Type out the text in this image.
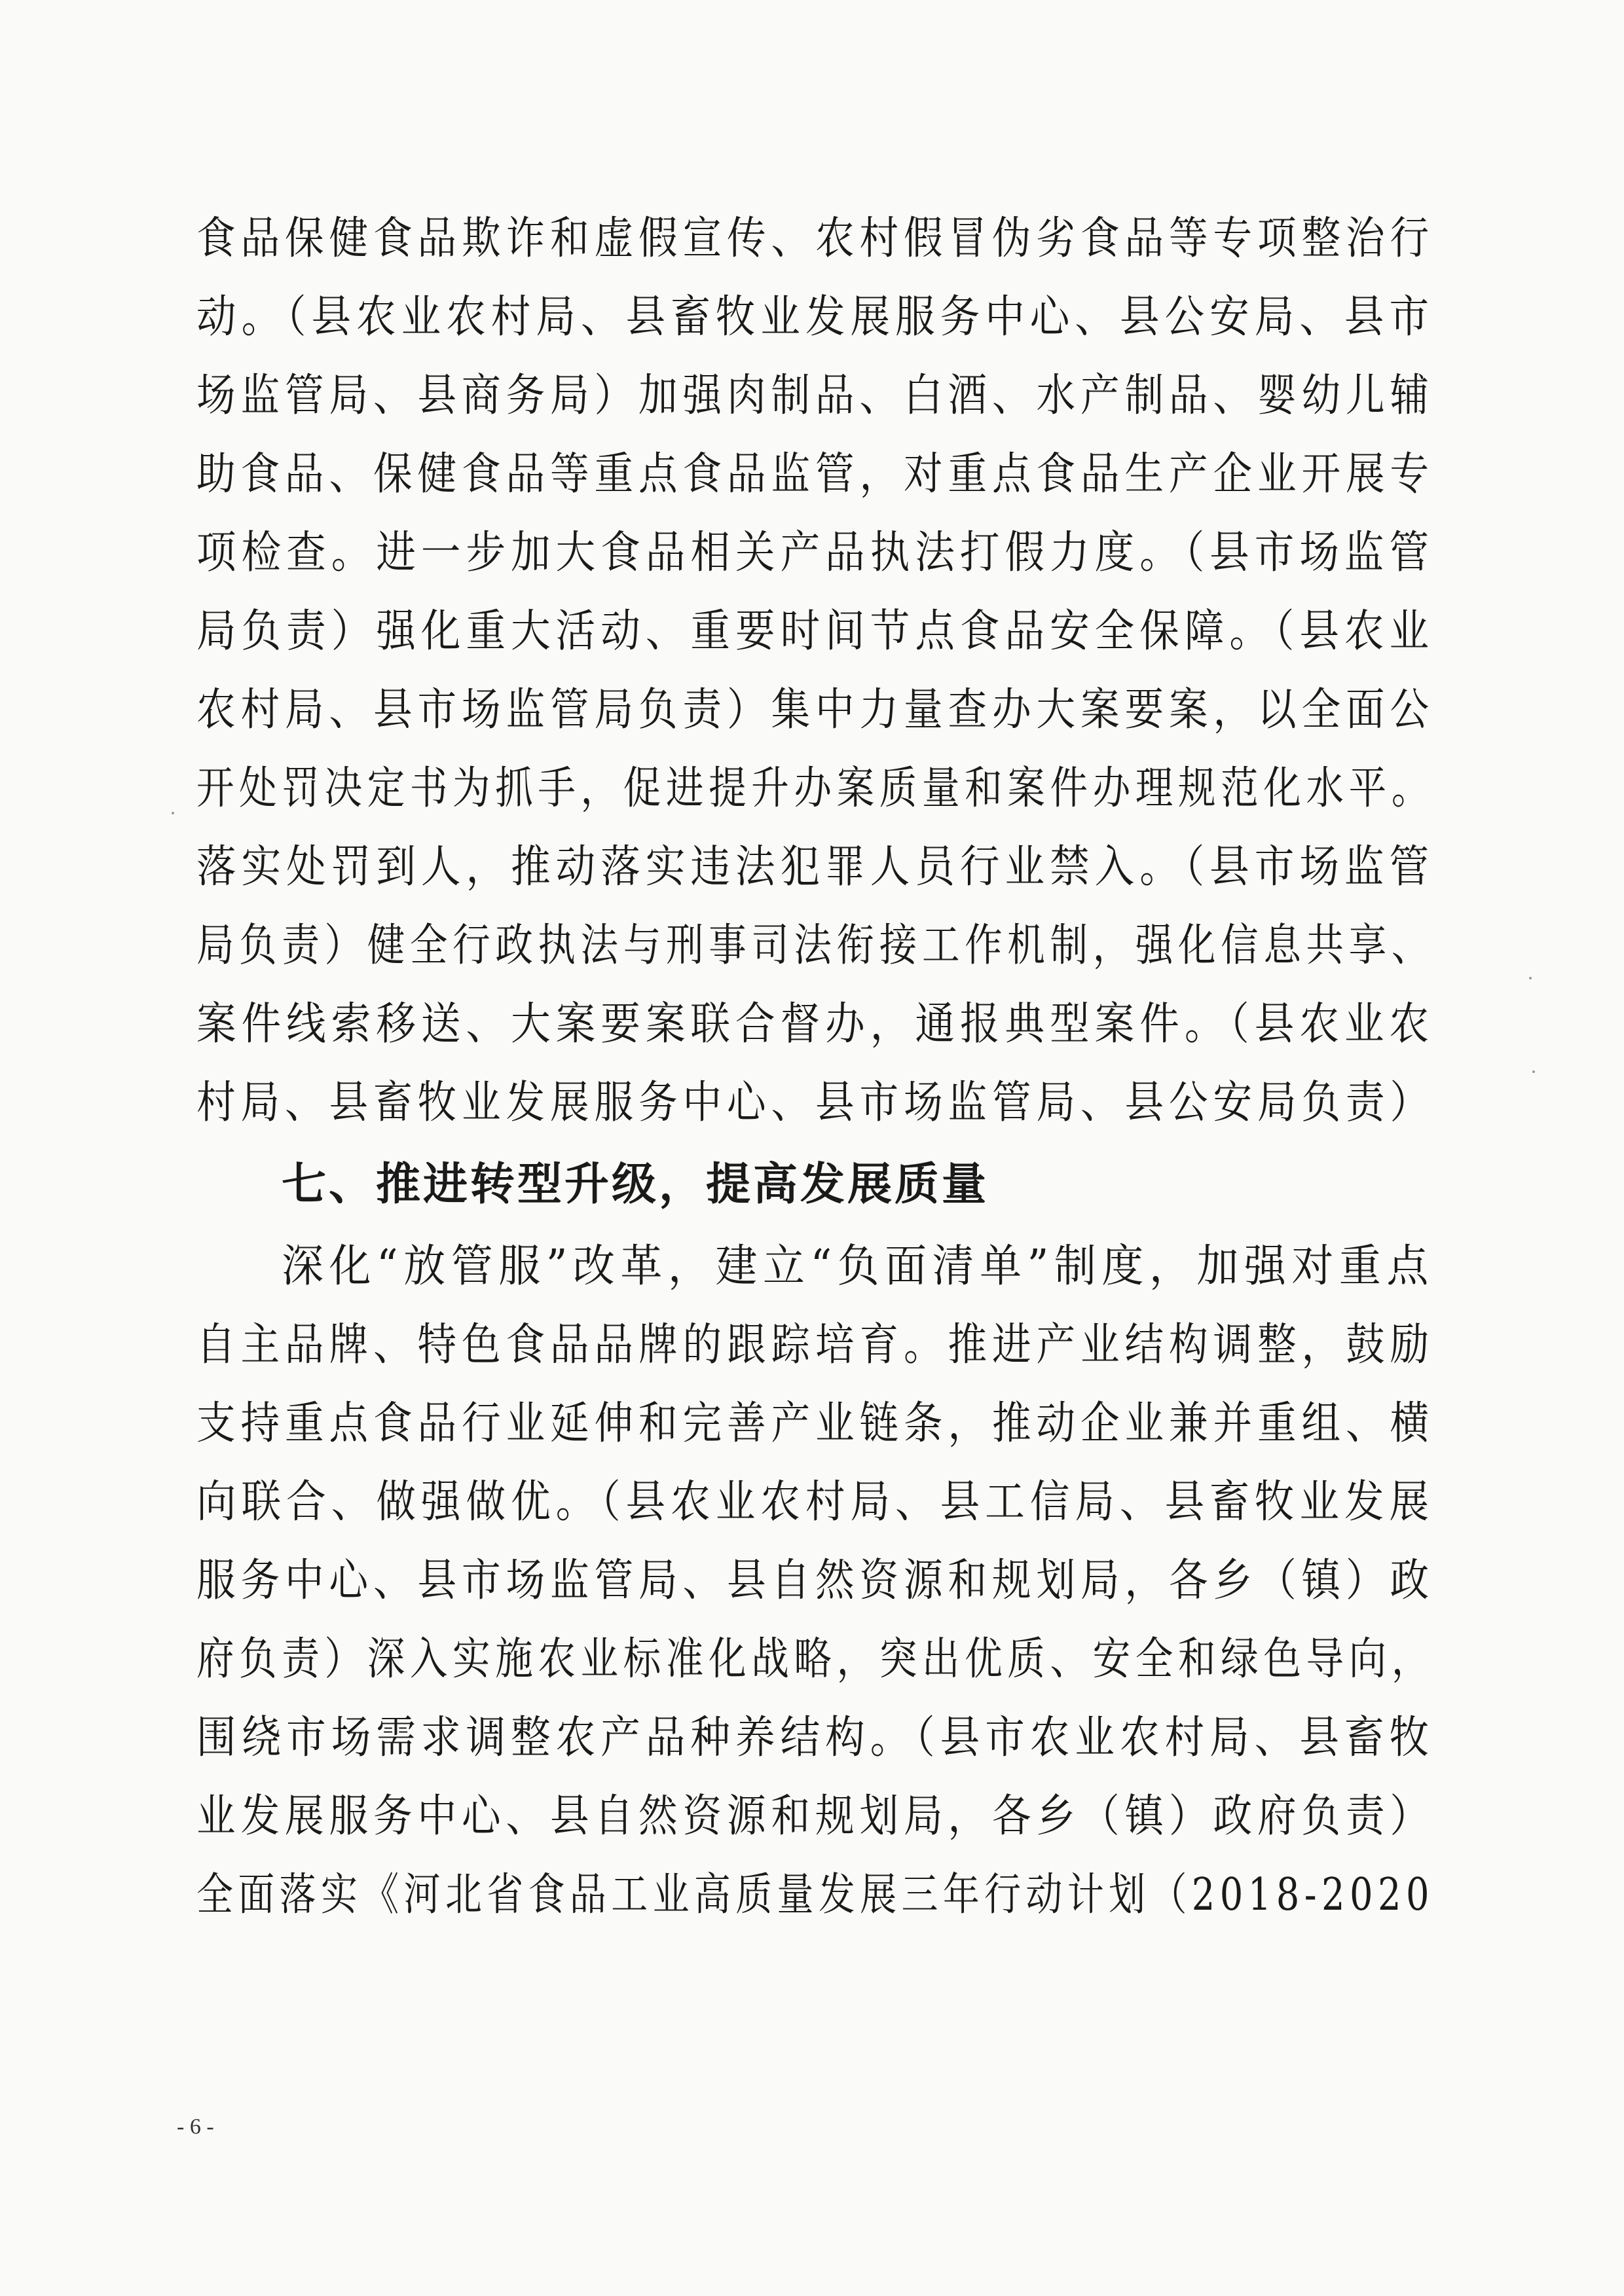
食品保健食品欺诈和虚假宣传、农村假冒伪劣食品等专项整治行
动。（县农业农村局、县畜牧业发展服务中心、县公安局、县市
场监管局、县商务局）加强肉制品、白酒、水产制品、婴幼儿辅
助食品、保健食品等重点食品监管，对重点食品生产企业开展专
项检查。进一步加大食品相关产品执法打假力度。（县市场监管
局负责）强化重大活动、重要时间节点食品安全保障。（县农业
农村局、县市场监管局负责）集中力量查办大案要案，以全面公
开处罚决定书为抓手，促进提升办案质量和案件办理规范化水平。
落实处罚到人，推动落实违法犯罪人员行业禁入。（县市场监管
局负责）健全行政执法与刑事司法衔接工作机制，强化信息共享、
案件线索移送、大案要案联合督办，通报典型案件。（县农业农
村局、县畜牧业发展服务中心、县市场监管局、县公安局负责）
七、推进转型升级，提高发展质量
深化“放管服”改革，建立“负面清单”制度，加强对重点
自主品牌、特色食品品牌的跟踪培育。推进产业结构调整，鼓励
支持重点食品行业延伸和完善产业链条，推动企业兼并重组、横
向联合、做强做优。（县农业农村局、县工信局、县畜牧业发展
服务中心、县市场监管局、县自然资源和规划局，各乡（镇）政
府负责）深入实施农业标准化战略，突出优质、安全和绿色导向，
围绕市场需求调整农产品种养结构。（县市农业农村局、县畜牧
业发展服务中心、县自然资源和规划局，各乡（镇）政府负责）
全面落实《河北省食品工业高质量发展三年行动计划（2018-2020
- 6 -
